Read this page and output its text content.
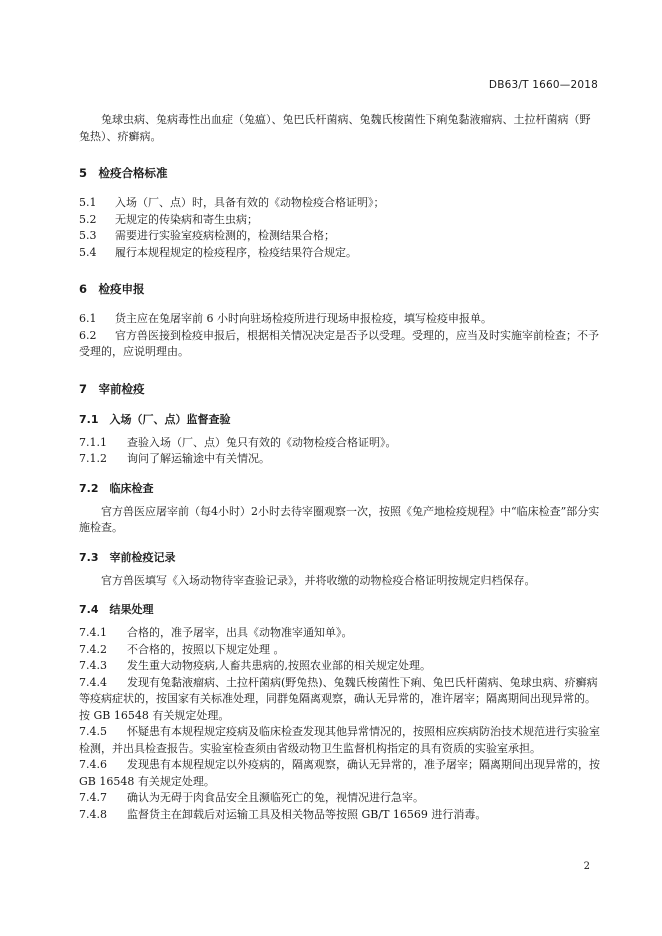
DB63/T 1660—2018

兔球虫病、兔病毒性出血症（兔瘟）、兔巴氏杆菌病、兔魏氏梭菌性下痢兔黏液瘤病、土拉杆菌病（野兔热）、疥癣病。

5　检疫合格标准

5.1 入场（厂、点）时，具备有效的《动物检疫合格证明》；

5.2 无规定的传染病和寄生虫病；

5.3 需要进行实验室疫病检测的，检测结果合格；

5.4 履行本规程规定的检疫程序，检疫结果符合规定。

6　检疫申报

6.1 货主应在兔屠宰前 6 小时向驻场检疫所进行现场申报检疫，填写检疫申报单。

6.2 官方兽医接到检疫申报后，根据相关情况决定是否予以受理。受理的，应当及时实施宰前检查；不予受理的，应说明理由。

7　宰前检疫
7.1　入场（厂、点）监督查验

7.1.1 查验入场（厂、点）兔只有效的《动物检疫合格证明》。

7.1.2 询问了解运输途中有关情况。

7.2　临床检查

官方兽医应屠宰前（每4小时）2小时去待宰圈观察一次，按照《兔产地检疫规程》中“临床检查”部分实施检查。

7.3　宰前检疫记录

官方兽医填写《入场动物待宰查验记录》，并将收缴的动物检疫合格证明按规定归档保存。

7.4　结果处理

7.4.1 合格的，准予屠宰，出具《动物准宰通知单》。

7.4.2 不合格的，按照以下规定处理 。

7.4.3 发生重大动物疫病,人畜共患病的,按照农业部的相关规定处理。

7.4.4 发现有兔黏液瘤病、土拉杆菌病(野兔热)、兔魏氏梭菌性下痢、兔巴氏杆菌病、兔球虫病、疥癣病等疫病症状的，按国家有关标准处理，同群兔隔离观察，确认无异常的，准许屠宰；隔离期间出现异常的。按 GB 16548 有关规定处理。

7.4.5 怀疑患有本规程规定疫病及临床检查发现其他异常情况的，按照相应疾病防治技术规范进行实验室检测，并出具检查报告。实验室检查须由省级动物卫生监督机构指定的具有资质的实验室承担。

7.4.6 发现患有本规程规定以外疫病的，隔离观察，确认无异常的，准予屠宰；隔离期间出现异常的，按 GB 16548 有关规定处理。

7.4.7 确认为无碍于肉食品安全且濒临死亡的兔，视情况进行急宰。

7.4.8 监督货主在卸载后对运输工具及相关物品等按照 GB/T 16569 进行消毒。

2
